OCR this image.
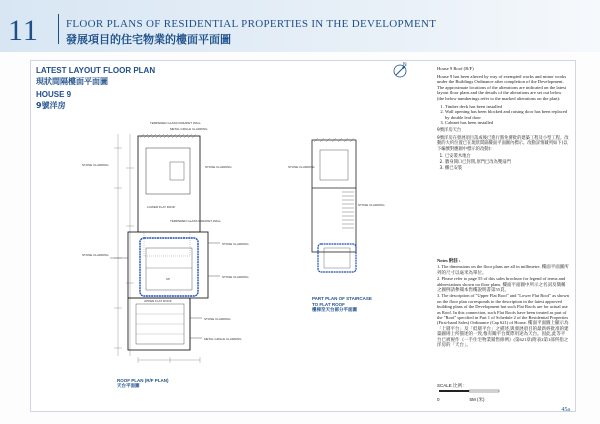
11 FLOOR PLANS OF RESIDENTIAL PROPERTIES IN THE DEVELOPMENT
發展項目的住宅物業的樓面平面圖
LATEST LAYOUT FLOOR PLAN
現狀間隔樓面平面圖
HOUSE 9
9號洋房
N
TEMPERED GLASS PARAPET WALL
METAL GRILLE CLADDING
STONE CLADDING	STONE CLADDING
LOWER FLAT ROOF
TEMPERED GLASS PARAPET WALL
STONE CLADDING
STONE CLADDING
UP	STONE CLADDING
UPPER FLAT ROOF
STONE CLADDING
METAL GRILLE CLADDING
STONE CLADDING
STONE CLADDING
PART PLAN OF STAIRCASE
TO FLAT ROOF
樓梯至天台部分平面圖
ROOF PLAN (R/F PLAN)
天台平面圖

House 9 Roof (R/F)

House 9 has been altered by way of exempted works and minor works under the Buildings Ordinance after completion of the Development. The approximate locations of the alterations are indicated on the latest layout floor plans and the details of the alterations are set out below (the below numberings refer to the marked alterations on the plan):

1. Timber deck has been installed
2. Wall opening has been blocked and raising door has been replaced by double leaf door
3. Cabinet has been installed

9號洋房天台

9號洋房在發展項目落成後已進行豁免審批的建築工程及小型工程。改動的大約位置已在現狀間隔樓面平面圖內標示。改動詳情載列如下(以下編號對應圖中標示的改動):

1. 已安裝木地台
2. 牆身開口已封閉,原門已改為雙扇門
3. 櫃已安裝

Notes 附註 :

1. The dimensions on the floor plans are all in millimetre. 樓面平面圖所列的尺寸以毫米為單位。

2. Please refer to page 55 of this sales brochure for legend of terms and abbreviations shown on floor plans. 樓面平面圖中所示之名詞及簡稱之圖例請參閱本售樓說明書第55頁。

3. The description of "Upper Flat Roof" and "Lower Flat Roof" as shown on the floor plan corresponds to the description in the latest approved building plans of the Development but such Flat Roofs are for actual use as Roof. In this connection, such Flat Roofs have been treated as part of the "Roof" specified in Part 1 of Schedule 2 of the Residential Properties (First-hand Sales) Ordinance (Cap 621) of House. 樓面平面圖上顯示為「上層平台」及「低層平台」之描述,與發展項目的最新經批准的建築圖則上所描述的一致,惟有關平台實際用途為天台。因此,此等平台已被視作《一手住宅物業銷售條例》(第621章)附表2第1部所指之洋房的「天台」。

SCALE 比例 :
0	5M (米)
45a
